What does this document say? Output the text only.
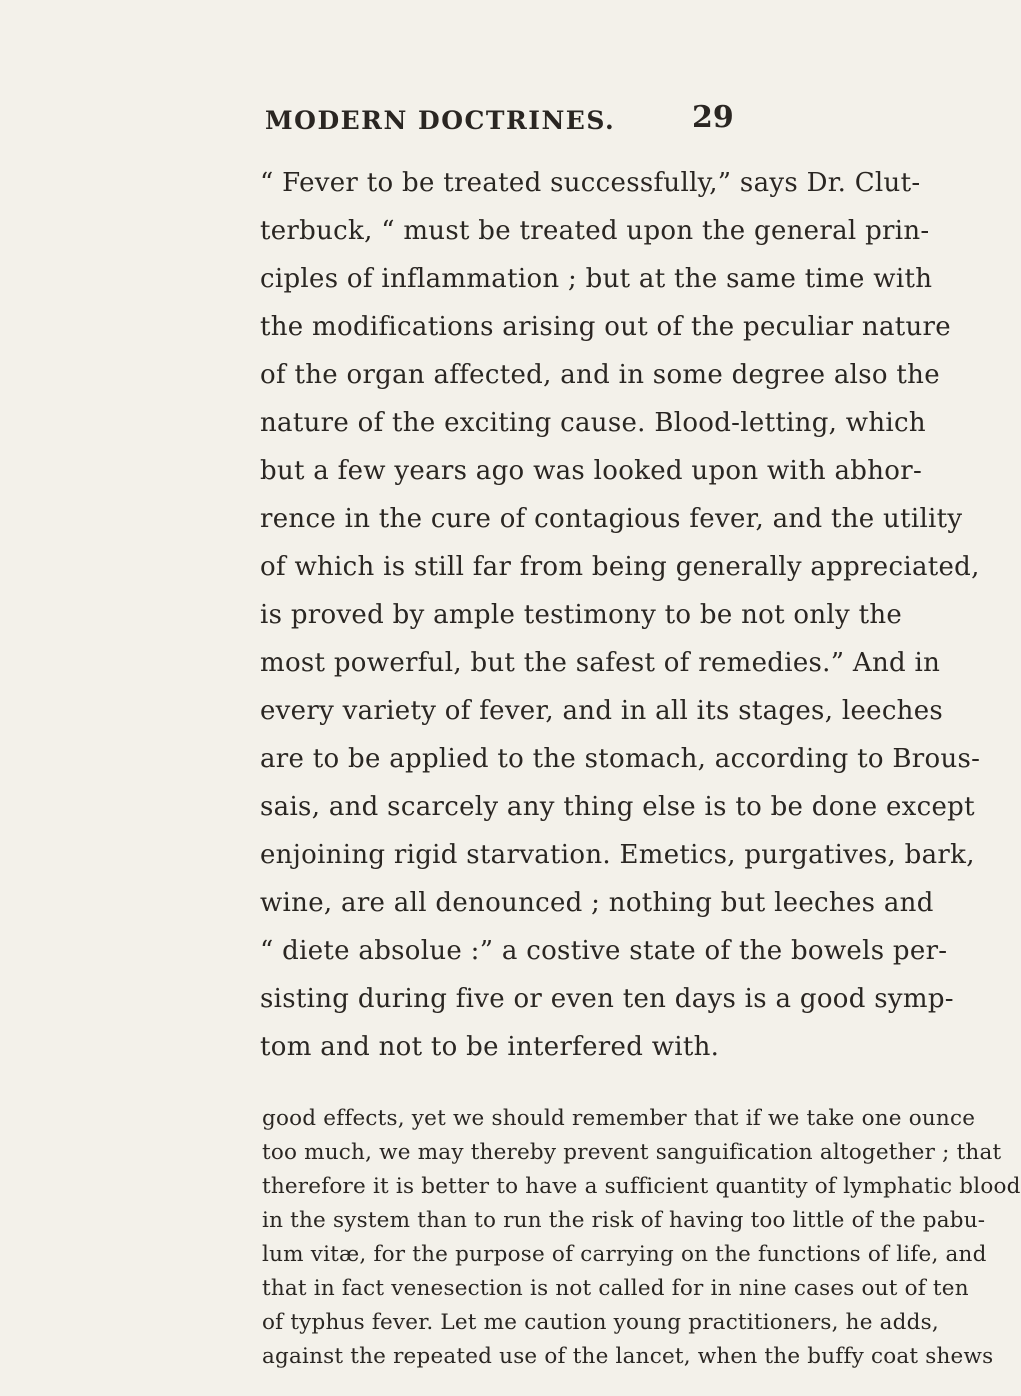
MODERN DOCTRINES.	29
“ Fever to be treated successfully,” says Dr. Clut-
terbuck, “ must be treated upon the general prin-
ciples of inflammation ; but at the same time with
the modifications arising out of the peculiar nature
of the organ affected, and in some degree also the
nature of the exciting cause. Blood-letting, which
but a few years ago was looked upon with abhor-
rence in the cure of contagious fever, and the utility
of which is still far from being generally appreciated,
is proved by ample testimony to be not only the
most powerful, but the safest of remedies.” And in
every variety of fever, and in all its stages, leeches
are to be applied to the stomach, according to Brous-
sais, and scarcely any thing else is to be done except
enjoining rigid starvation. Emetics, purgatives, bark,
wine, are all denounced ; nothing but leeches and
“ diete absolue :” a costive state of the bowels per-
sisting during five or even ten days is a good symp-
tom and not to be interfered with.
good effects, yet we should remember that if we take one ounce
too much, we may thereby prevent sanguification altogether ; that
therefore it is better to have a sufficient quantity of lymphatic blood
in the system than to run the risk of having too little of the pabu-
lum vitæ, for the purpose of carrying on the functions of life, and
that in fact venesection is not called for in nine cases out of ten
of typhus fever. Let me caution young practitioners, he adds,
against the repeated use of the lancet, when the buffy coat shews
